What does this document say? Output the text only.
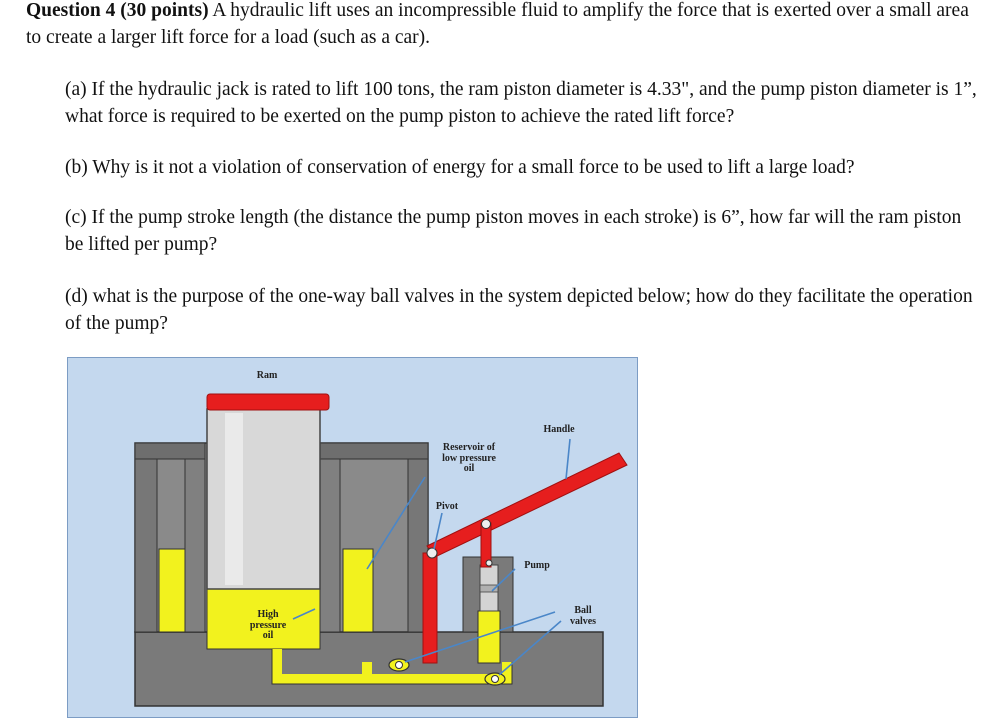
Question 4 (30 points) A hydraulic lift uses an incompressible fluid to amplify the force that is exerted over a small area to create a larger lift force for a load (such as a car).

(a) If the hydraulic jack is rated to lift 100 tons, the ram piston diameter is 4.33", and the pump piston diameter is 1”, what force is required to be exerted on the pump piston to achieve the rated lift force?

(b) Why is it not a violation of conservation of energy for a small force to be used to lift a large load?

(c) If the pump stroke length (the distance the pump piston moves in each stroke) is 6”, how far will the ram piston be lifted per pump?

(d) what is the purpose of the one-way ball valves in the system depicted below; how do they facilitate the operation of the pump?

Ram
Handle
Reservoir of
low pressure
oil
Pivot
Pump
Ball
valves
High
pressure
oil
